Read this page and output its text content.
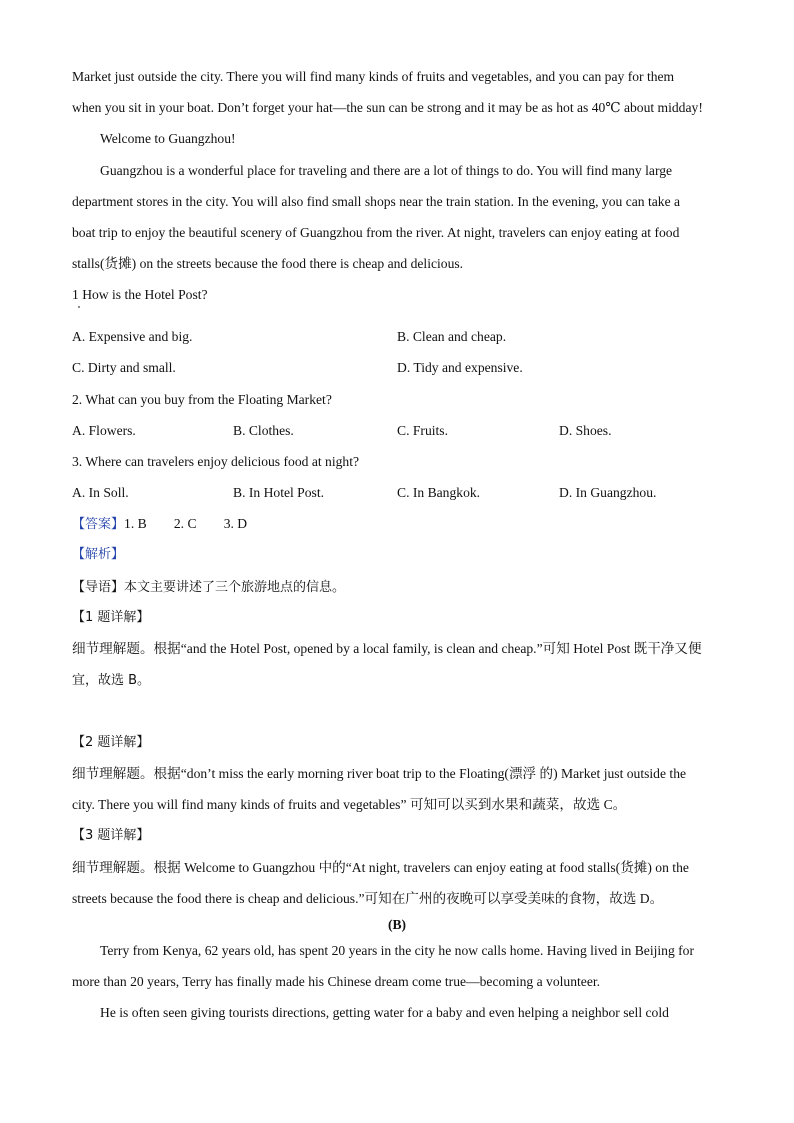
Market just outside the city. There you will find many kinds of fruits and vegetables, and you can pay for them
when you sit in your boat. Don’t forget your hat—the sun can be strong and it may be as hot as 40℃ about midday!
Welcome to Guangzhou!
Guangzhou is a wonderful place for traveling and there are a lot of things to do. You will find many large
department stores in the city. You will also find small shops near the train station. In the evening, you can take a
boat trip to enjoy the beautiful scenery of Guangzhou from the river. At night, travelers can enjoy eating at food
stalls(货摊) on the streets because the food there is cheap and delicious.
1 How is the Hotel Post?
A. Expensive and big.	B. Clean and cheap.
C. Dirty and small.	D. Tidy and expensive.
2. What can you buy from the Floating Market?
A. Flowers.	B. Clothes.	C. Fruits.	D. Shoes.
3. Where can travelers enjoy delicious food at night?
A. In Soll.	B. In Hotel Post.	C. In Bangkok.	D. In Guangzhou.
【答案】1. B        2. C        3. D
【解析】
【导语】本文主要讲述了三个旅游地点的信息。
【1 题详解】
细节理解题。根据“and the Hotel Post, opened by a local family, is clean and cheap.”可知 Hotel Post 既干净又便
宜，故选 B。
【2 题详解】
细节理解题。根据“don’t miss the early morning river boat trip to the Floating(漂浮 的) Market just outside the
city. There you will find many kinds of fruits and vegetables” 可知可以买到水果和蔬菜，故选 C。
【3 题详解】
细节理解题。根据 Welcome to Guangzhou 中的“At night, travelers can enjoy eating at food stalls(货摊) on the
streets because the food there is cheap and delicious.”可知在广州的夜晚可以享受美味的食物，故选 D。
(B)
Terry from Kenya, 62 years old, has spent 20 years in the city he now calls home. Having lived in Beijing for
more than 20 years, Terry has finally made his Chinese dream come true—becoming a volunteer.
He is often seen giving tourists directions, getting water for a baby and even helping a neighbor sell cold
